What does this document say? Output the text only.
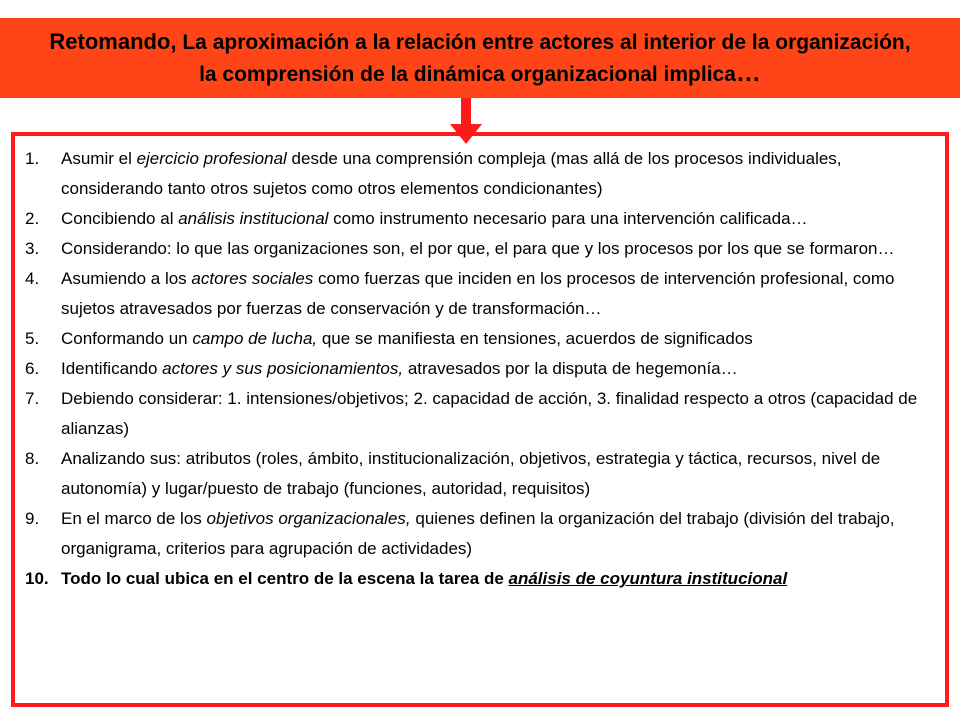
Retomando, La aproximación a la relación entre actores al interior de la organización, la comprensión de la dinámica organizacional implica…
1.	Asumir el ejercicio profesional desde una comprensión compleja (mas allá de los procesos individuales, considerando tanto otros sujetos como otros elementos condicionantes)
2.	Concibiendo al análisis institucional como instrumento necesario para una intervención calificada…
3.	Considerando: lo que las organizaciones son, el por que, el para que y los procesos por los que se formaron…
4.	Asumiendo a los actores sociales como fuerzas que inciden en los procesos de intervención profesional, como sujetos atravesados por fuerzas de conservación y de transformación…
5.	Conformando un campo de lucha, que se manifiesta en tensiones, acuerdos de significados
6.	Identificando actores y sus posicionamientos, atravesados por la disputa de hegemonía…
7.	Debiendo considerar: 1. intensiones/objetivos; 2. capacidad de acción, 3. finalidad respecto a otros (capacidad de alianzas)
8.	Analizando sus: atributos (roles, ámbito, institucionalización, objetivos, estrategia y táctica, recursos, nivel de autonomía) y lugar/puesto de trabajo (funciones, autoridad, requisitos)
9.	En el marco de los objetivos organizacionales, quienes definen la organización del trabajo (división del trabajo, organigrama, criterios para agrupación de actividades)
10. Todo lo cual ubica en el centro de la escena la tarea de análisis de coyuntura institucional
